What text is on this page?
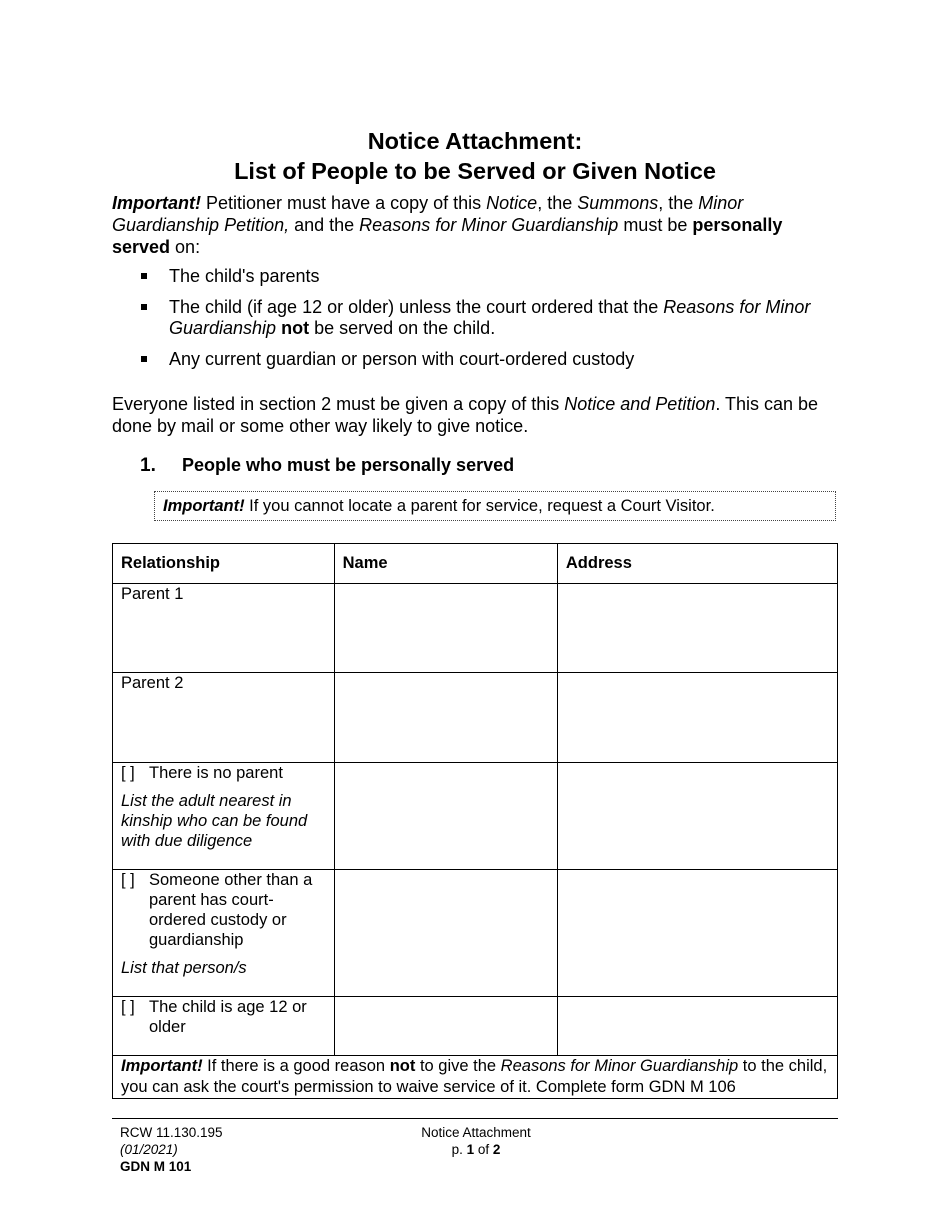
Notice Attachment:
List of People to be Served or Given Notice
Important! Petitioner must have a copy of this Notice, the Summons, the Minor Guardianship Petition, and the Reasons for Minor Guardianship must be personally served on:
The child's parents
The child (if age 12 or older) unless the court ordered that the Reasons for Minor Guardianship not be served on the child.
Any current guardian or person with court-ordered custody
Everyone listed in section 2 must be given a copy of this Notice and Petition. This can be done by mail or some other way likely to give notice.
1. People who must be personally served
Important! If you cannot locate a parent for service, request a Court Visitor.
Relationship	Name	Address
Parent 1		
Parent 2		

[ ] There is no parent
List the adult nearest in kinship who can be found with due diligence		

[ ] Someone other than a parent has court-ordered custody or guardianship
List that person/s		

[ ] The child is age 12 or older		

Important! If there is a good reason not to give the Reasons for Minor Guardianship to the child, you can ask the court's permission to waive service of it. Complete form GDN M 106		
RCW 11.130.195
(01/2021)
GDN M 101
Notice Attachment
p. 1 of 2
